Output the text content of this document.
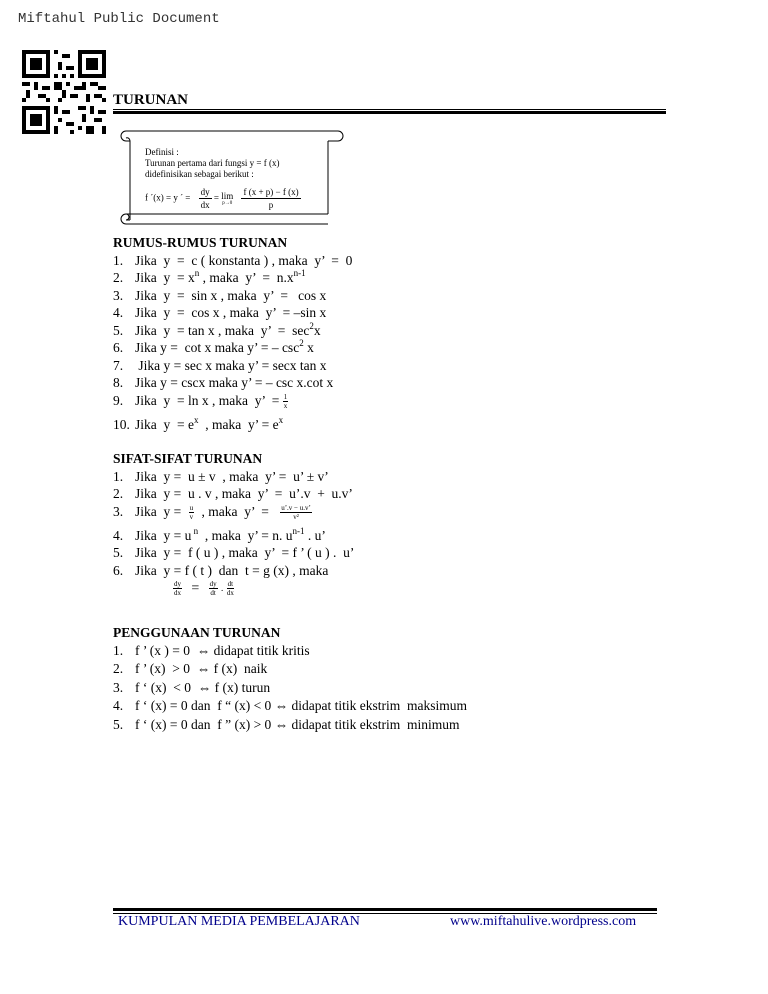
Miftahul Public Document
TURUNAN
Definisi :
Turunan pertama dari fungsi y = f (x)
didefinisikan sebagai berikut :
f ´(x) = y ´ = $\frac{dy}{dx} = \lim$
p→0
$\frac{f (x + p) - f (x)}{p}$
RUMUS-RUMUS TURUNAN
1. Jika  y  =  c ( konstanta ) , maka  y’  =  0
2. Jika  $y = x^n$ , maka  y’  =  $n.x^{n-1}$
3. Jika  y  =  sin x , maka  y’  =   cos x
4. Jika  y  =  cos x , maka  y’  = –sin x
5. Jika  y  = tan x , maka  y’  =  $\sec^2x$
6. Jika y =  cot x maka y’ = – $\csc^2 x$
7. Jika y = sec x maka y’ = secx tan x
8. Jika y = cscx maka y’ = – csc x.cot x
9. Jika  y  = ln x , maka  y’  = $\frac{1}{x}$
10. Jika  $y = e^x$  , maka  y’ = $e^x$
SIFAT-SIFAT TURUNAN
1. Jika  y =  u ± v  , maka  y’ =  u’ ± v’
2. Jika  y =  u . v , maka  y’  =  u’.v  +  u.v’
3. Jika  $y = \frac{u}{v}$ , maka  y’  = $\frac{u’.v - u.v’}{\text{v²}}$
4. Jika  y = u $^n$  , maka  y’ = n. $u^{n-1}$ . u’
5. Jika  y =  f ( u ) , maka  y’  = f ’ ( u ) .  u’
6. Jika  y = f ( t )  dan  t = g (x) , maka
$\frac{dy}{dx} = \frac{dy}{dt}$ . $\frac{dt}{dx}$
PENGGUNAAN TURUNAN
1. f ’ (x ) = 0  ⇔ didapat titik kritis
2. f ’ (x)  > 0  ⇔ f (x)  naik
3. f ‘ (x)  < 0  ⇔ f (x) turun
4. f ‘ (x) = 0 dan  f “ (x) < 0 ⇔ didapat titik ekstrim  maksimum
5. f ‘ (x) = 0 dan  f ” (x) > 0 ⇔ didapat titik ekstrim  minimum
KUMPULAN MEDIA PEMBELAJARAN	www.miftahulive.wordpress.com
